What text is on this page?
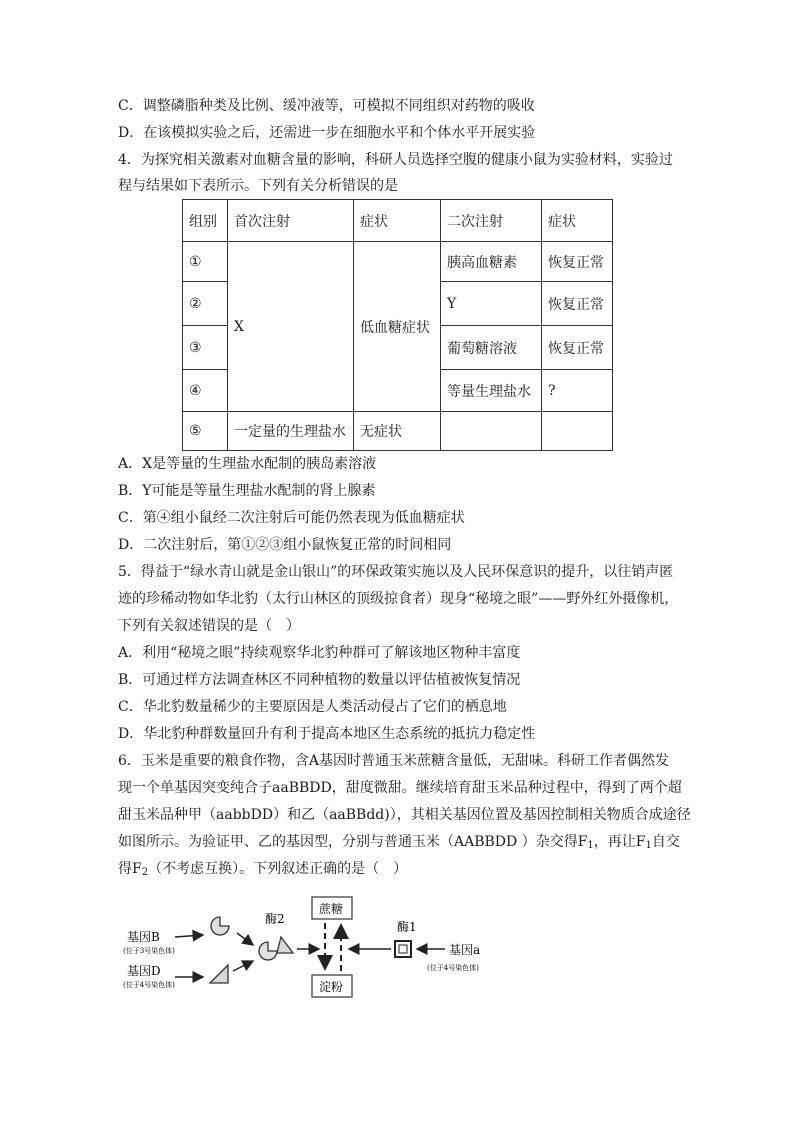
C．调整磷脂种类及比例、缓冲液等，可模拟不同组织对药物的吸收
D．在该模拟实验之后，还需进一步在细胞水平和个体水平开展实验
4．为探究相关激素对血糖含量的影响，科研人员选择空腹的健康小鼠为实验材料，实验过
程与结果如下表所示。下列有关分析错误的是
组别	首次注射	症状	二次注射	症状
①	X	低血糖症状	胰高血糖素	恢复正常
②			Y	恢复正常
③			葡萄糖溶液	恢复正常
④			等量生理盐水	?
⑤	一定量的生理盐水	无症状		
A．X是等量的生理盐水配制的胰岛素溶液
B．Y可能是等量生理盐水配制的肾上腺素
C．第④组小鼠经二次注射后可能仍然表现为低血糖症状
D．二次注射后，第①②③组小鼠恢复正常的时间相同
5．得益于“绿水青山就是金山银山”的环保政策实施以及人民环保意识的提升，以往销声匿
迹的珍稀动物如华北豹（太行山林区的顶级掠食者）现身“秘境之眼”——野外红外摄像机，
下列有关叙述错误的是（　）
A．利用“秘境之眼”持续观察华北豹种群可了解该地区物种丰富度
B．可通过样方法调查林区不同种植物的数量以评估植被恢复情况
C．华北豹数量稀少的主要原因是人类活动侵占了它们的栖息地
D．华北豹种群数量回升有利于提高本地区生态系统的抵抗力稳定性
6．玉米是重要的粮食作物，含A基因时普通玉米蔗糖含量低，无甜味。科研工作者偶然发
现一个单基因突变纯合子aaBBDD，甜度微甜。继续培育甜玉米品种过程中，得到了两个超
甜玉米品种甲（aabbDD）和乙（aaBBdd)），其相关基因位置及基因控制相关物质合成途径
如图所示。为验证甲、乙的基因型，分别与普通玉米（AABBDD ）杂交得$F_1$，再让$F_1$自交
得$F_2$（不考虑互换）。下列叙述正确的是（　）
基因B
(位于3号染色体)
基因D
(位于4号染色体)
酶2
蔗糖
淀粉
酶1
基因a
(位于4号染色体)
